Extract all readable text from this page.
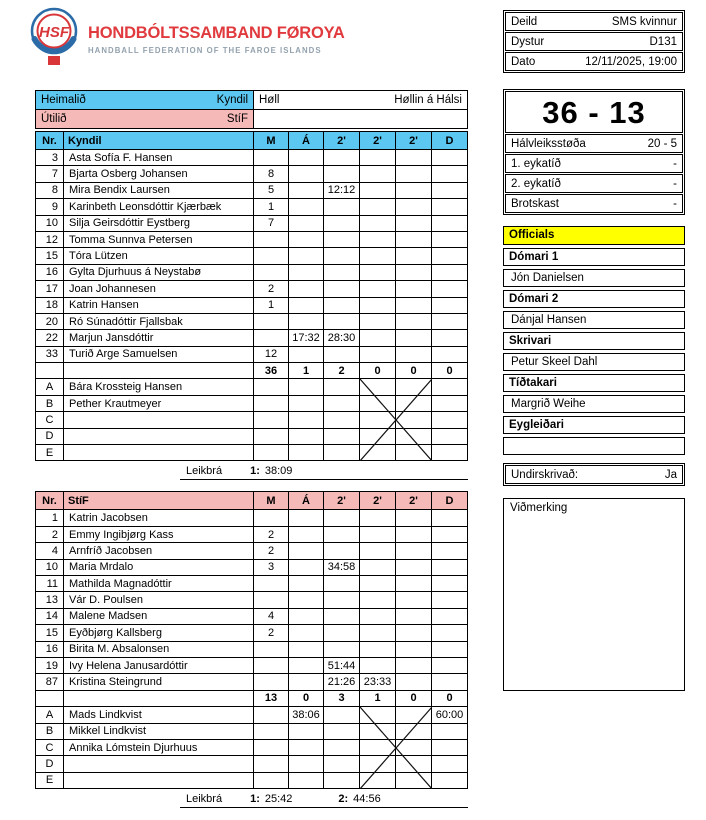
HSF HONDBÓLTSSAMBAND FØROYA
HANDBALL FEDERATION OF THE FAROE ISLANDS
Heimalið Kyndil	Høll Høllin á Hálsi

Útilið StíF	

Nr.	Kyndil	M	Á	2'	2'	2'	D
3	Asta Sofía F. Hansen						
7	Bjarta Osberg Johansen	8					
8	Mira Bendix Laursen	5		12:12			
9	Karinbeth Leonsdóttir Kjærbæk	1					
10	Silja Geirsdóttir Eystberg	7					
12	Tomma Sunnva Petersen						
15	Tóra Lützen						
16	Gylta Djurhuus á Neystabø						
17	Joan Johannesen	2					
18	Katrin Hansen	1					
20	Ró Súnadóttir Fjallsbak						
22	Marjun Jansdóttir		17:32	28:30			
33	Turið Arge Samuelsen	12					
		36	1	2	0	0	0
A	Bára Krossteig Hansen						
B	Pether Krautmeyer						
C							
D							
E							
Leikbrá	1: 38:09
Nr.	StíF	M	Á	2'	2'	2'	D
1	Katrin Jacobsen						
2	Emmy Ingibjørg Kass	2					
4	Arnfríð Jacobsen	2					
10	Maria Mrdalo	3		34:58			
11	Mathilda Magnadóttir						
13	Vár D. Poulsen						
14	Malene Madsen	4					
15	Eyðbjørg Kallsberg	2					
16	Birita M. Absalonsen						
19	Ivy Helena Janusardóttir			51:44			
87	Kristina Steingrund			21:26	23:33		
		13	0	3	1	0	0
A	Mads Lindkvist		38:06				60:00
B	Mikkel Lindkvist						
C	Annika Lómstein Djurhuus						
D							
E							
Leikbrá	1: 25:42	2: 44:56
Deild	SMS kvinnur
Dystur	D131
Dato	12/11/2025, 19:00
36 - 13
Hálvleiksstøða	20 - 5
1. eykatíð	-
2. eykatíð	-
Brotskast	-
Officials
Dómari 1
Jón Danielsen
Dómari 2
Dánjal Hansen
Skrivari
Petur Skeel Dahl
Tíðtakari
Margrið Weihe
Eygleiðari
Undirskrivað:	Ja
Viðmerking
